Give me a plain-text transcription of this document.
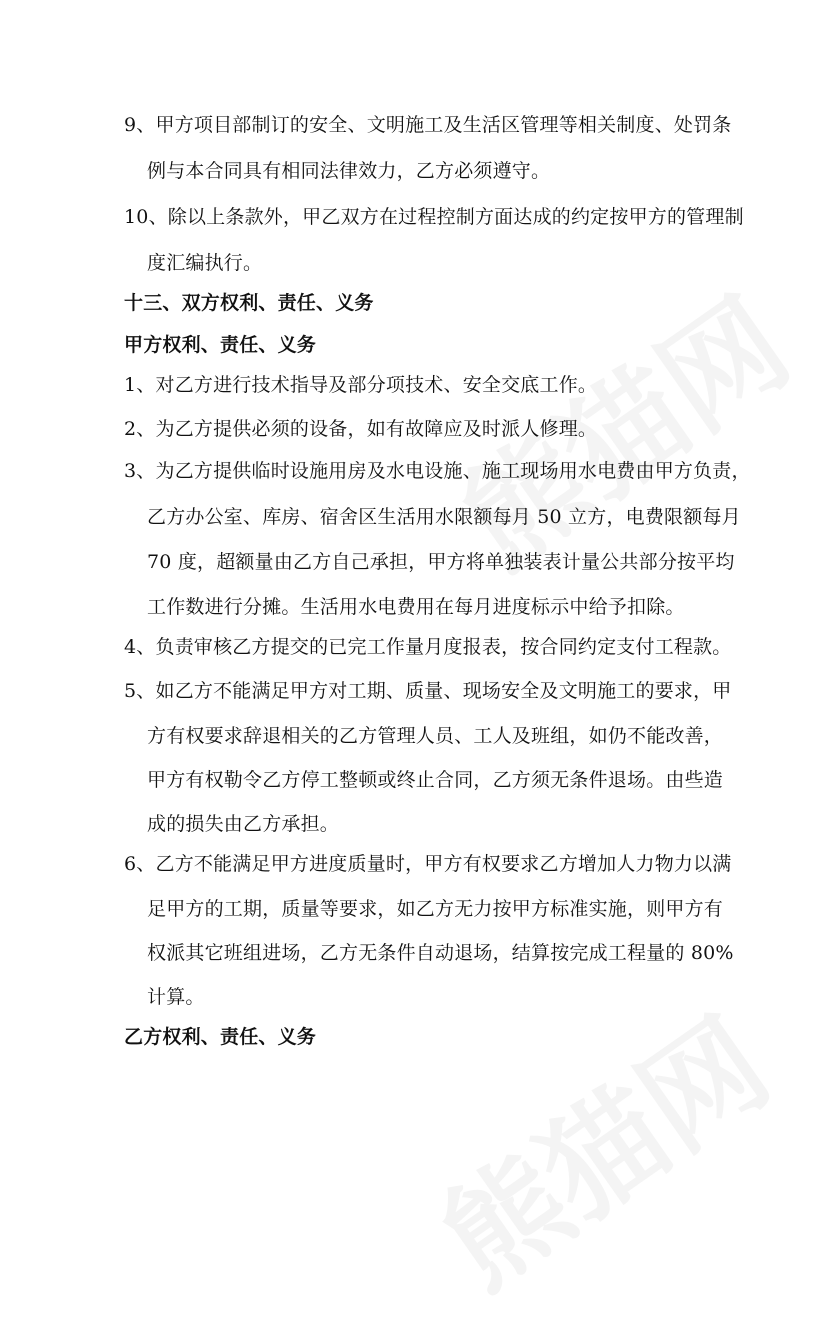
9、甲方项目部制订的安全、文明施工及生活区管理等相关制度、处罚条
例与本合同具有相同法律效力，乙方必须遵守。
10、除以上条款外，甲乙双方在过程控制方面达成的约定按甲方的管理制
度汇编执行。
十三、双方权利、责任、义务
甲方权利、责任、义务
1、对乙方进行技术指导及部分项技术、安全交底工作。
2、为乙方提供必须的设备，如有故障应及时派人修理。
3、为乙方提供临时设施用房及水电设施、施工现场用水电费由甲方负责，
乙方办公室、库房、宿舍区生活用水限额每月 50 立方，电费限额每月
70 度，超额量由乙方自己承担，甲方将单独装表计量公共部分按平均
工作数进行分摊。生活用水电费用在每月进度标示中给予扣除。
4、负责审核乙方提交的已完工作量月度报表，按合同约定支付工程款。
5、如乙方不能满足甲方对工期、质量、现场安全及文明施工的要求，甲
方有权要求辞退相关的乙方管理人员、工人及班组，如仍不能改善，
甲方有权勒令乙方停工整顿或终止合同，乙方须无条件退场。由些造
成的损失由乙方承担。
6、乙方不能满足甲方进度质量时，甲方有权要求乙方增加人力物力以满
足甲方的工期，质量等要求，如乙方无力按甲方标准实施，则甲方有
权派其它班组进场，乙方无条件自动退场，结算按完成工程量的 80%
计算。
乙方权利、责任、义务
